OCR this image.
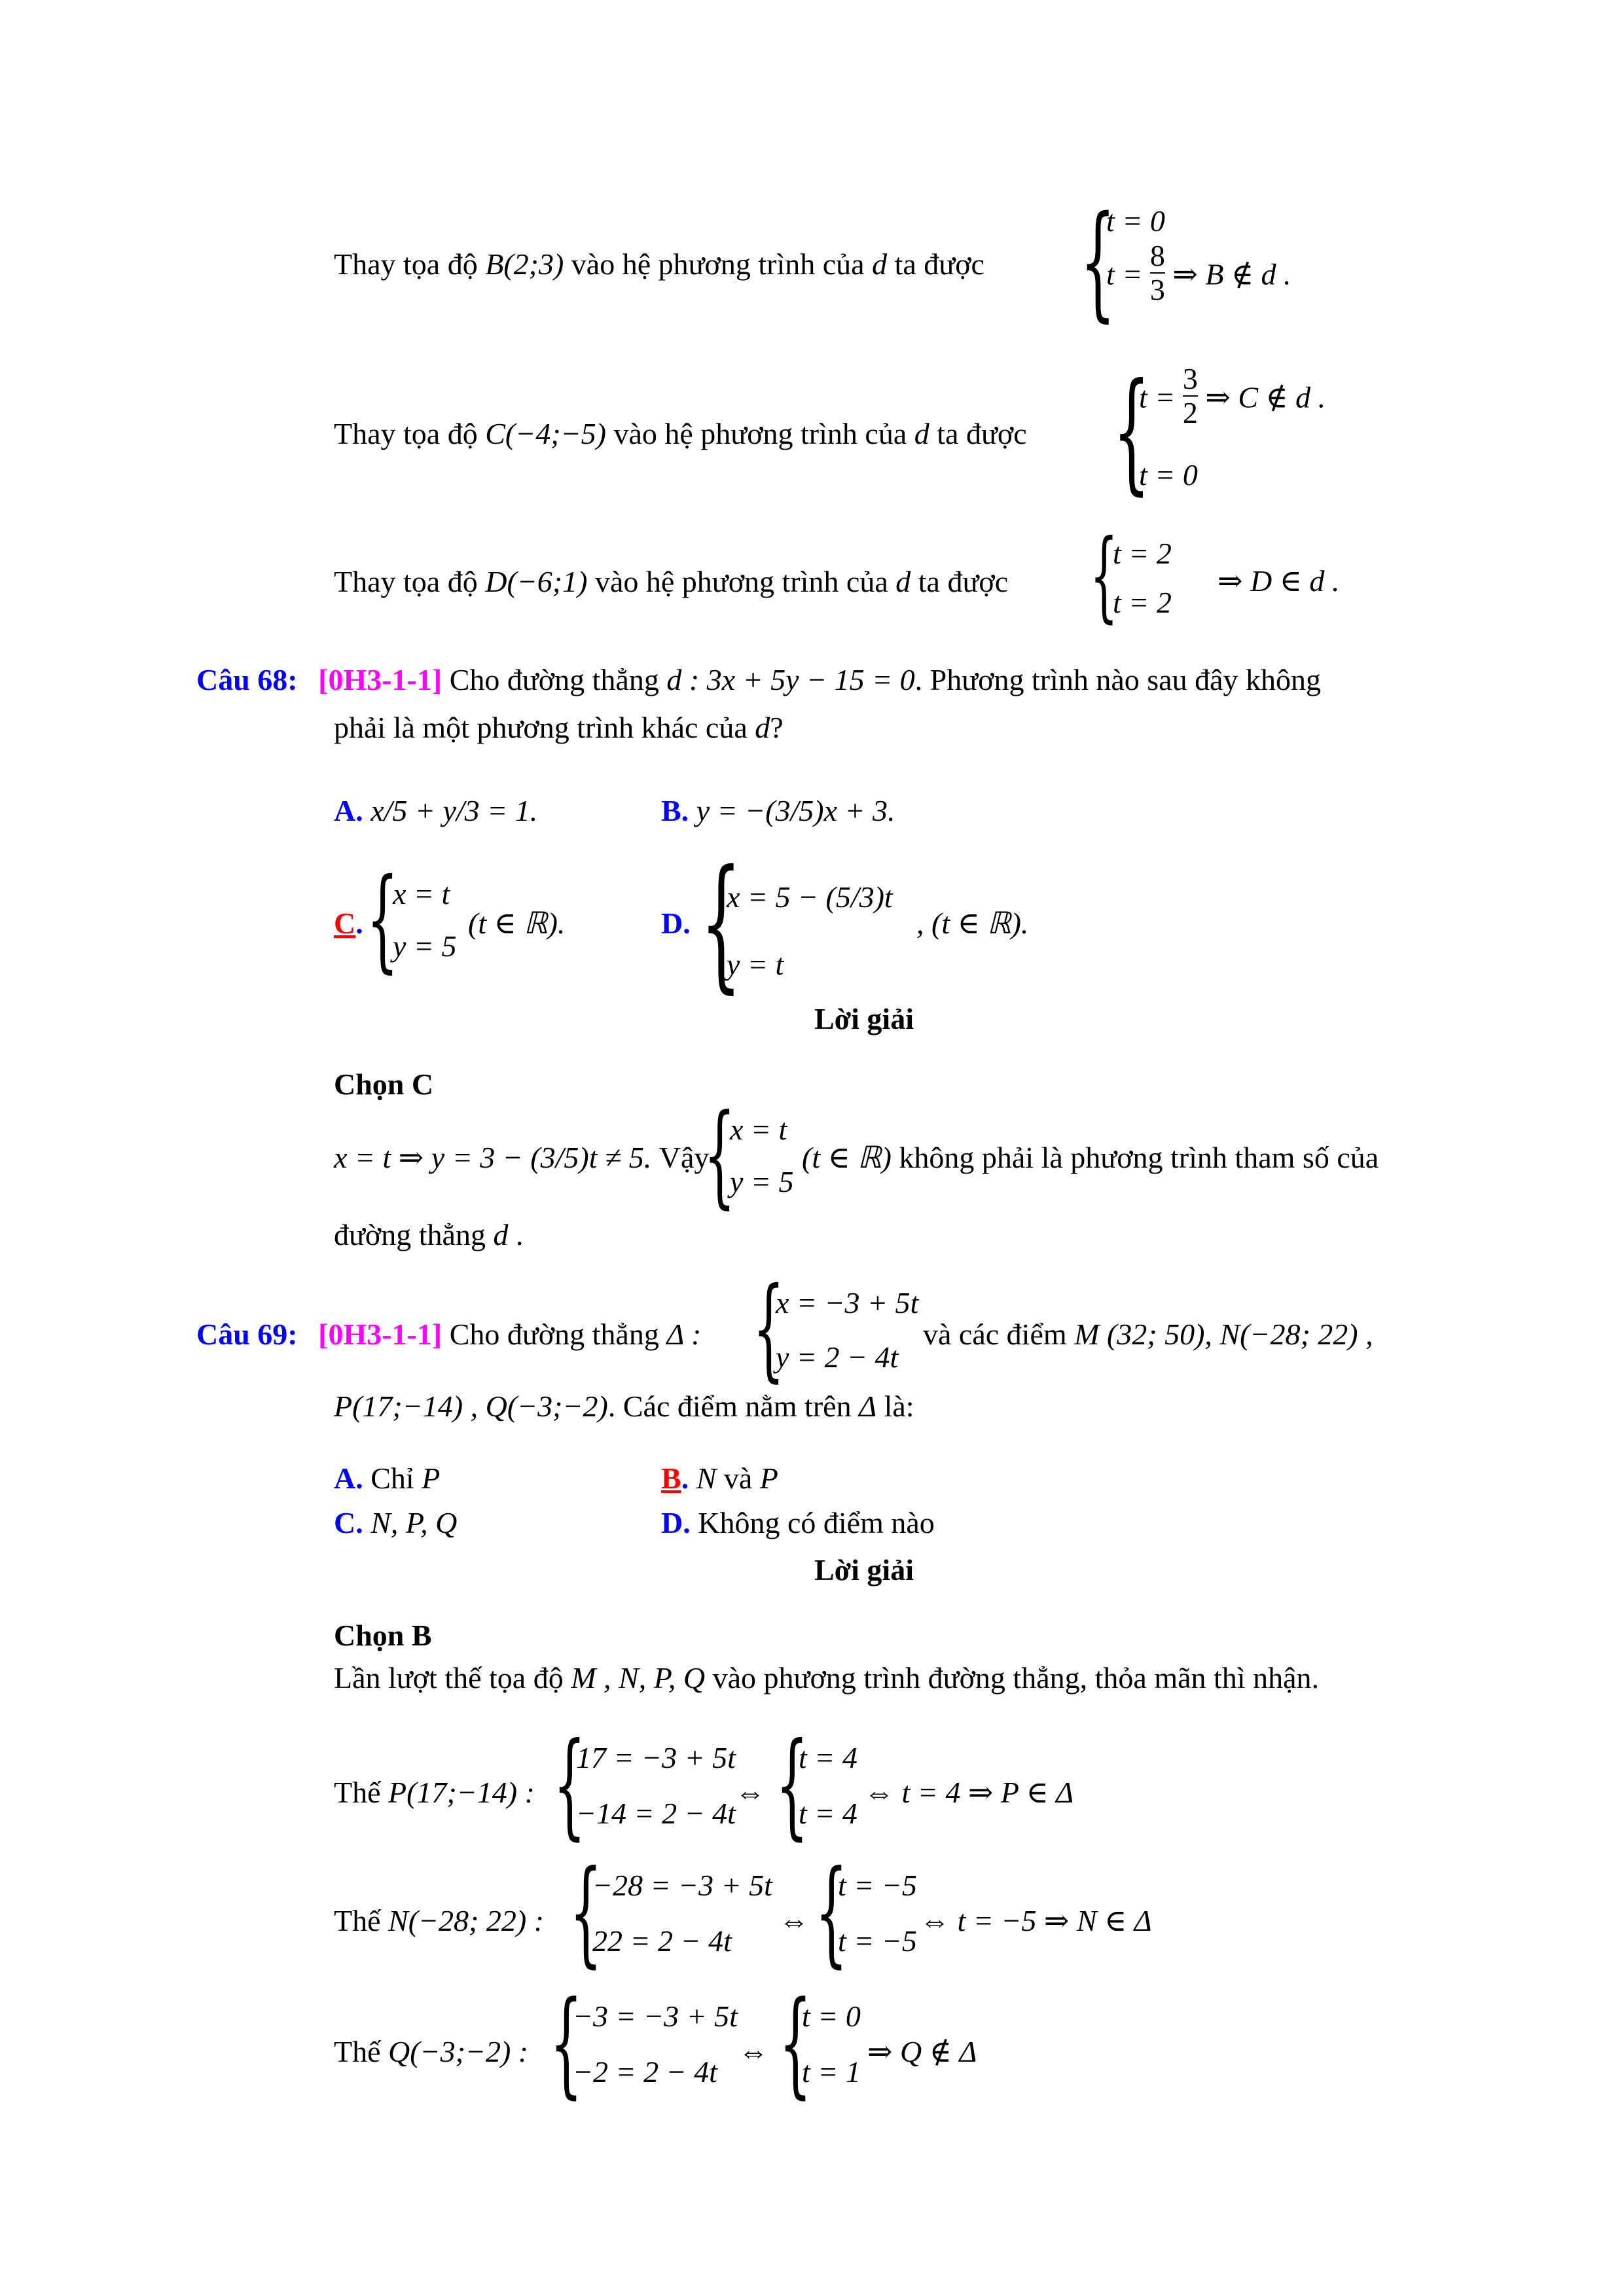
Thay tọa độ B(2;3) vào hệ phương trình của d ta được {
t = 0
$t = \frac{8}{3}$ ⇒ B ∉ d .
Thay tọa độ C(−4;−5) vào hệ phương trình của d ta được {
$t = \frac{3}{2}$ ⇒ C ∉ d .
t = 0
Thay tọa độ D(−6;1) vào hệ phương trình của d ta được {
t = 2
t = 2
⇒ D ∈ d .
Câu 68: [0H3-1-1] Cho đường thẳng d : 3x + 5y − 15 = 0. Phương trình nào sau đây không
phải là một phương trình khác của d?
A. x/5 + y/3 = 1.	B. y = −(3/5)x + 3.
C. {
x = t
y = 5
(t ∈ ℝ).	D. {
x = 5 − (5/3)t
y = t
, (t ∈ ℝ).
Lời giải
Chọn C
x = t ⇒ y = 3 − (3/5)t ≠ 5. Vậy
{
x = t
y = 5
(t ∈ ℝ) không phải là phương trình tham số của
đường thẳng d .
Câu 69: [0H3-1-1] Cho đường thẳng Δ : {
x = −3 + 5t
y = 2 − 4t
và các điểm M (32; 50), N(−28; 22) ,
P(17;−14) , Q(−3;−2). Các điểm nằm trên Δ là:
A. Chỉ P	B. N và P
C. N, P, Q	D. Không có điểm nào
Lời giải
Chọn B
Lần lượt thế tọa độ M , N, P, Q vào phương trình đường thẳng, thỏa mãn thì nhận.
Thế P(17;−14) : {
17 = −3 + 5t
−14 = 2 − 4t
⇔ {
t = 4
t = 4
⇔ t = 4 ⇒ P ∈ Δ
Thế N(−28; 22) : {
−28 = −3 + 5t
22 = 2 − 4t
⇔ {
t = −5
t = −5
⇔ t = −5 ⇒ N ∈ Δ
Thế Q(−3;−2) : {
−3 = −3 + 5t
−2 = 2 − 4t
⇔ {
t = 0
t = 1
⇒ Q ∉ Δ
